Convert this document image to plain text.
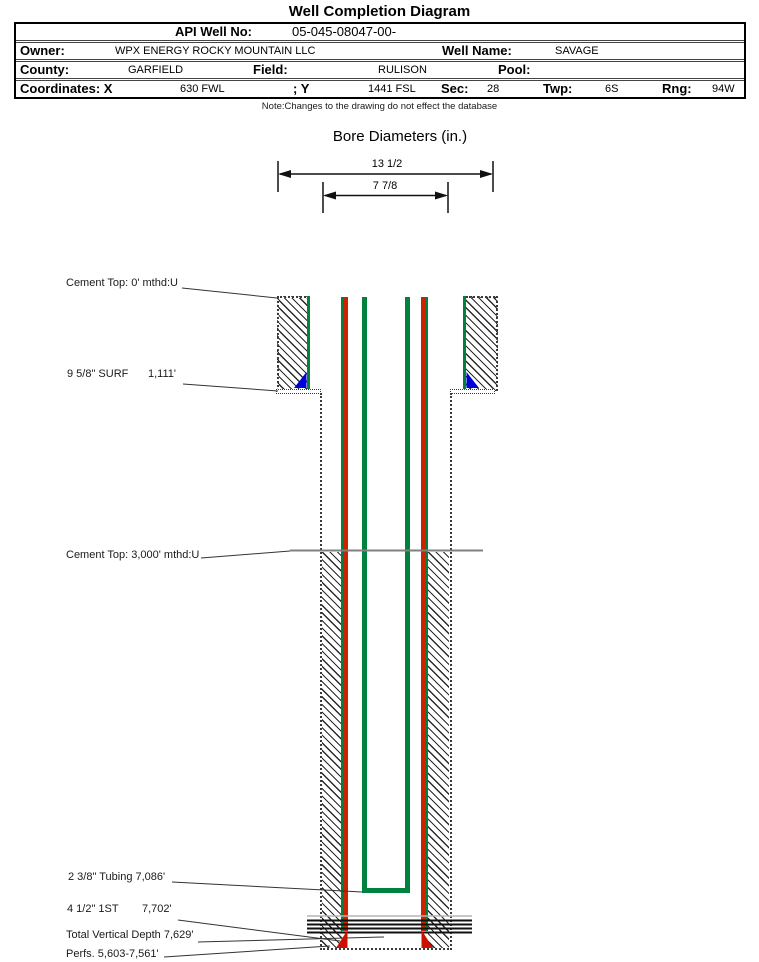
Well Completion Diagram
API Well No:	05-045-08047-00-
Owner:	WPX ENERGY ROCKY MOUNTAIN LLC	Well Name:	SAVAGE
County:	GARFIELD	Field:	RULISON	Pool:
Coordinates: X	630 FWL	; Y	1441 FSL Sec: 28	Twp:	6S	Rng: 94W
Note:Changes to the drawing do not effect the database
Bore Diameters (in.)
13 1/2
7 7/8
Cement Top: 0' mthd:U
9 5/8" SURF 1,111'
Cement Top: 3,000' mthd:U
2 3/8" Tubing 7,086'
4 1/2" 1ST 7,702'
Total Vertical Depth 7,629'
Perfs. 5,603-7,561'
